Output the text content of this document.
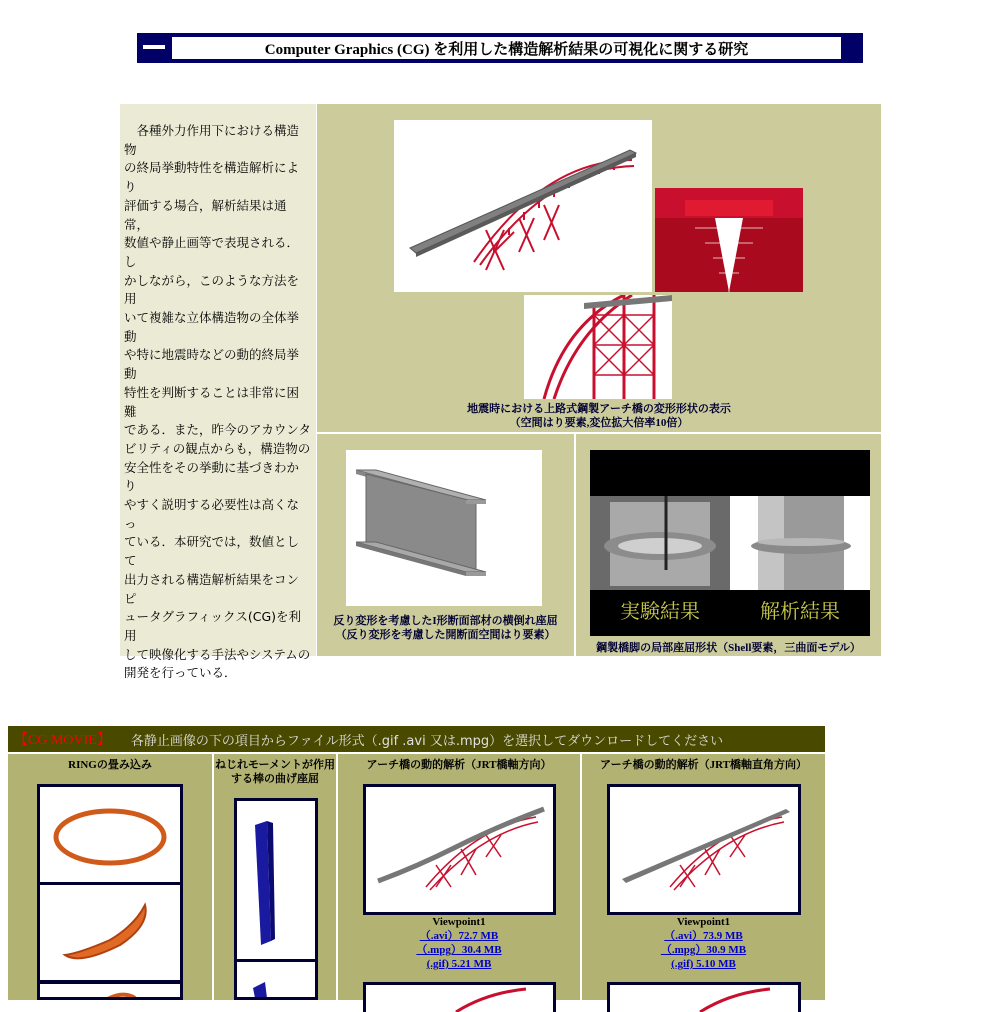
Computer Graphics (CG) を利用した構造解析結果の可視化に関する研究
　各種外力作用下における構造物
の終局挙動特性を構造解析により
評価する場合，解析結果は通常，
数値や静止画等で表現される．し
かしながら，このような方法を用
いて複雑な立体構造物の全体挙動
や特に地震時などの動的終局挙動
特性を判断することは非常に困難
である．また，昨今のアカウンタ
ビリティの観点からも，構造物の
安全性をその挙動に基づきわかり
やすく説明する必要性は高くなっ
ている．本研究では，数値として
出力される構造解析結果をコンピ
ュータグラフィックス(CG)を利用
して映像化する手法やシステムの
開発を行っている．
地震時における上路式鋼製アーチ橋の変形形状の表示
（空間はり要素,変位拡大倍率10倍）
反り変形を考慮したI形断面部材の横倒れ座屈
（反り変形を考慮した開断面空間はり要素）
実験結果	解析結果
鋼製橋脚の局部座屈形状（Shell要素，三曲面モデル）
【CG MOVIE】 各静止画像の下の項目からファイル形式（.gif .avi 又は.mpg）を選択してダウンロードしてください
RINGの畳み込み	ねじれモーメントが作用
する棒の曲げ座屈
アーチ橋の動的解析（JRT橋軸方向）
Viewpoint1
（.avi）72.7 MB
（.mpg）30.4 MB
(.gif) 5.21 MB
アーチ橋の動的解析（JRT橋軸直角方向）
Viewpoint1
（.avi）73.9 MB
（.mpg）30.9 MB
(.gif) 5.10 MB
